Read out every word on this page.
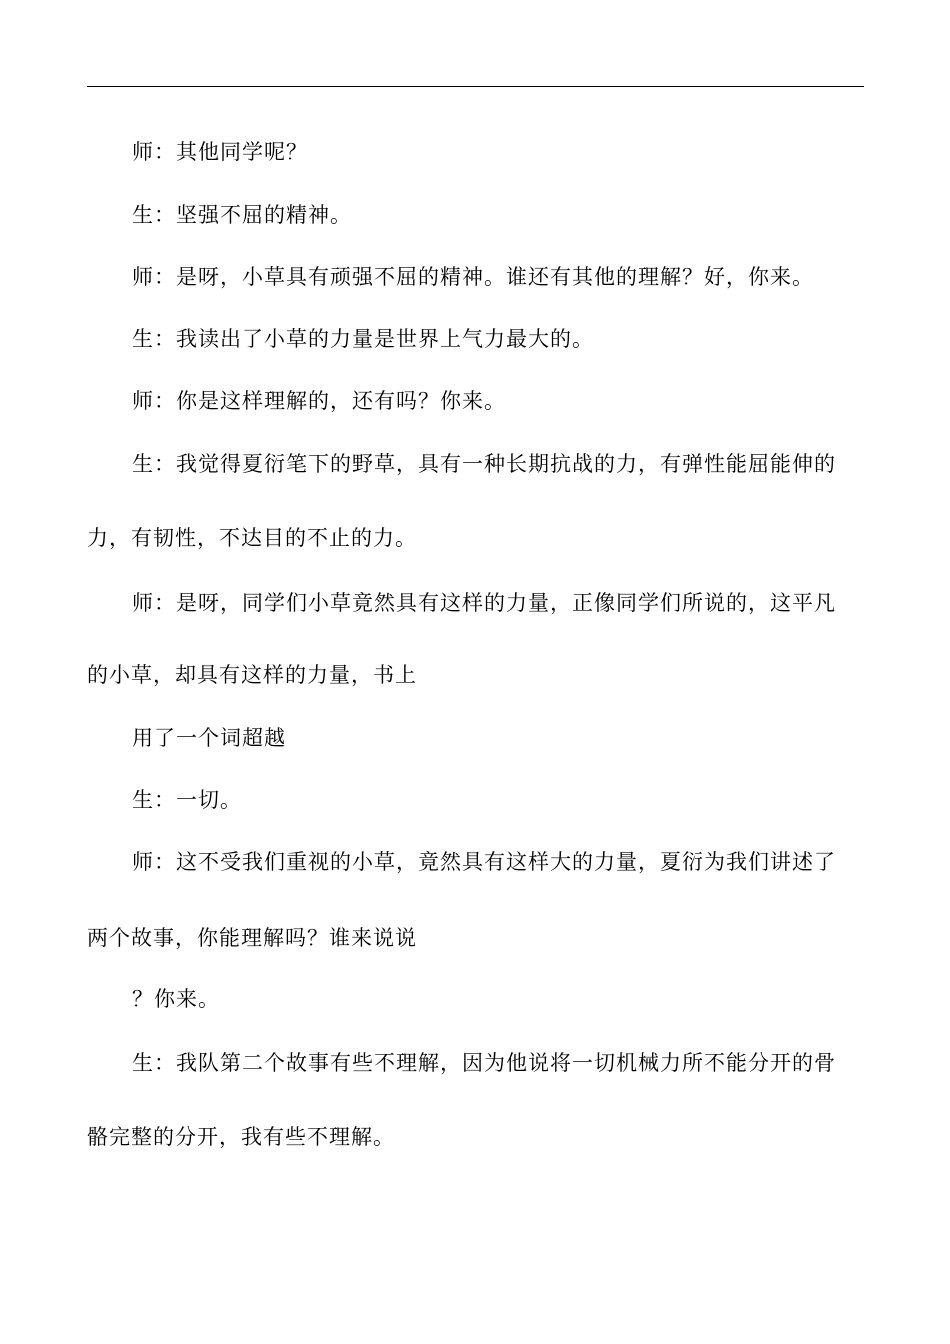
师：其他同学呢？
生：坚强不屈的精神。
师：是呀，小草具有顽强不屈的精神。谁还有其他的理解？好，你来。
生：我读出了小草的力量是世界上气力最大的。
师：你是这样理解的，还有吗？你来。
生：我觉得夏衍笔下的野草，具有一种长期抗战的力，有弹性能屈能伸的
力，有韧性，不达目的不止的力。
师：是呀，同学们小草竟然具有这样的力量，正像同学们所说的，这平凡
的小草，却具有这样的力量，书上
用了一个词超越
生：一切。
师：这不受我们重视的小草，竟然具有这样大的力量，夏衍为我们讲述了
两个故事，你能理解吗？谁来说说
？你来。
生：我队第二个故事有些不理解，因为他说将一切机械力所不能分开的骨
骼完整的分开，我有些不理解。
